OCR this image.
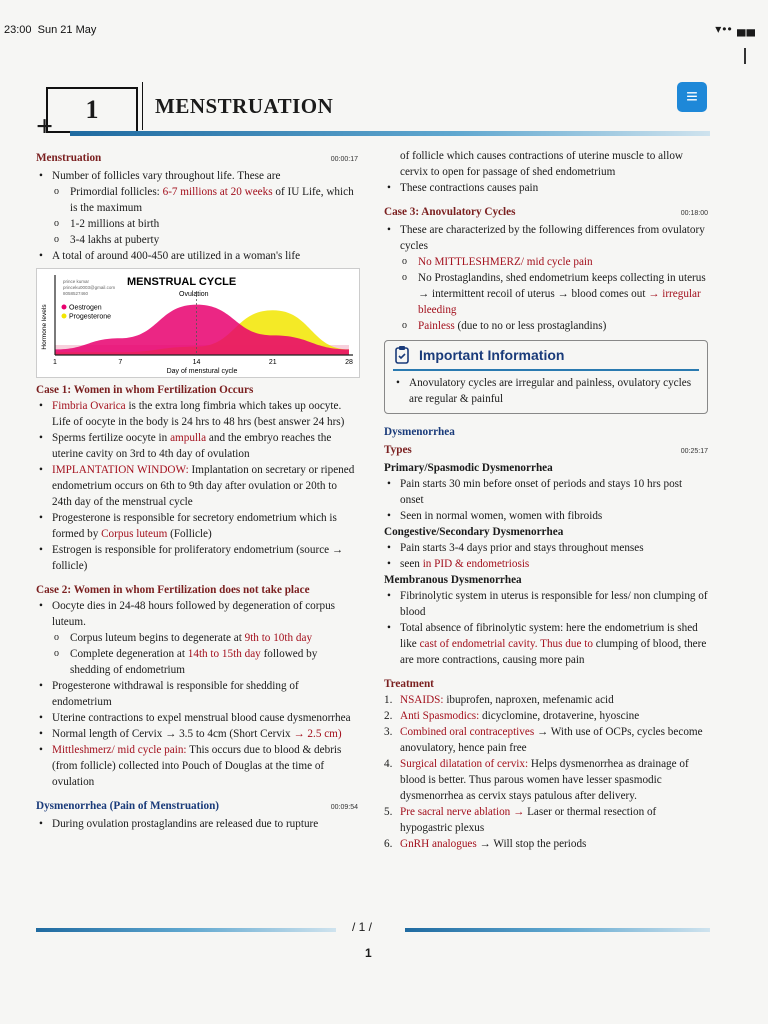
23:00 Sun 21 May	▾•• ▄▄
1
+
MENSTRUATION	≡
Menstruation	00:00:17
• Number of follicles vary throughout life. These are
o Primordial follicles: 6-7 millions at 20 weeks of IU Life, which is the maximum
o 1-2 millions at birth
o 3-4 lakhs at puberty
• A total of around 400-450 are utilized in a woman's life
1	7	14	21	28
Day of menstural cycle
Hormone levels
MENSTRUAL CYCLE
Ovulation
prince kumar
princeku0003@gmail.com
8058527460
Oestrogen
Progesterone
Case 1: Women in whom Fertilization Occurs
• Fimbria Ovarica is the extra long fimbria which takes up oocyte. Life of oocyte in the body is 24 hrs to 48 hrs (best answer 24 hrs)
• Sperms fertilize oocyte in ampulla and the embryo reaches the uterine cavity on 3rd to 4th day of ovulation
• IMPLANTATION WINDOW: Implantation on secretary or ripened endometrium occurs on 6th to 9th day after ovulation or 20th to 24th day of the menstrual cycle
• Progesterone is responsible for secretory endometrium which is formed by Corpus luteum (Follicle)
• Estrogen is responsible for proliferatory endometrium (source → follicle)
Case 2: Women in whom Fertilization does not take place
• Oocyte dies in 24-48 hours followed by degeneration of corpus luteum.
o Corpus luteum begins to degenerate at 9th to 10th day
o Complete degeneration at 14th to 15th day followed by shedding of endometrium
• Progesterone withdrawal is responsible for shedding of endometrium
• Uterine contractions to expel menstrual blood cause dysmenorrhea
• Normal length of Cervix → 3.5 to 4cm (Short Cervix → 2.5 cm)
• Mittleshmerz/ mid cycle pain: This occurs due to blood & debris (from follicle) collected into Pouch of Douglas at the time of ovulation
Dysmenorrhea (Pain of Menstruation)	00:09:54
• During ovulation prostaglandins are released due to rupture
of follicle which causes contractions of uterine muscle to allow cervix to open for passage of shed endometrium
• These contractions causes pain
Case 3: Anovulatory Cycles	00:18:00
• These are characterized by the following differences from ovulatory cycles
o No MITTLESHMERZ/ mid cycle pain
o No Prostaglandins, shed endometrium keeps collecting in uterus → intermittent recoil of uterus → blood comes out → irregular bleeding
o Painless (due to no or less prostaglandins)
Important Information
• Anovulatory cycles are irregular and painless, ovulatory cycles are regular & painful
Dysmenorrhea
Types	00:25:17
Primary/Spasmodic Dysmenorrhea
• Pain starts 30 min before onset of periods and stays 10 hrs post onset
• Seen in normal women, women with fibroids
Congestive/Secondary Dysmenorrhea
• Pain starts 3-4 days prior and stays throughout menses
• seen in PID & endometriosis
Membranous Dysmenorrhea
• Fibrinolytic system in uterus is responsible for less/ non clumping of blood
• Total absence of fibrinolytic system: here the endometrium is shed like cast of endometrial cavity. Thus due to clumping of blood, there are more contractions, causing more pain
Treatment
1. NSAIDS: ibuprofen, naproxen, mefenamic acid
2. Anti Spasmodics: dicyclomine, drotaverine, hyoscine
3. Combined oral contraceptives → With use of OCPs, cycles become anovulatory, hence pain free
4. Surgical dilatation of cervix: Helps dysmenorrhea as drainage of blood is better. Thus parous women have lesser spasmodic dysmenorrhea as cervix stays patulous after delivery.
5. Pre sacral nerve ablation → Laser or thermal resection of hypogastric plexus
6. GnRH analogues → Will stop the periods
/ 1 /
1
